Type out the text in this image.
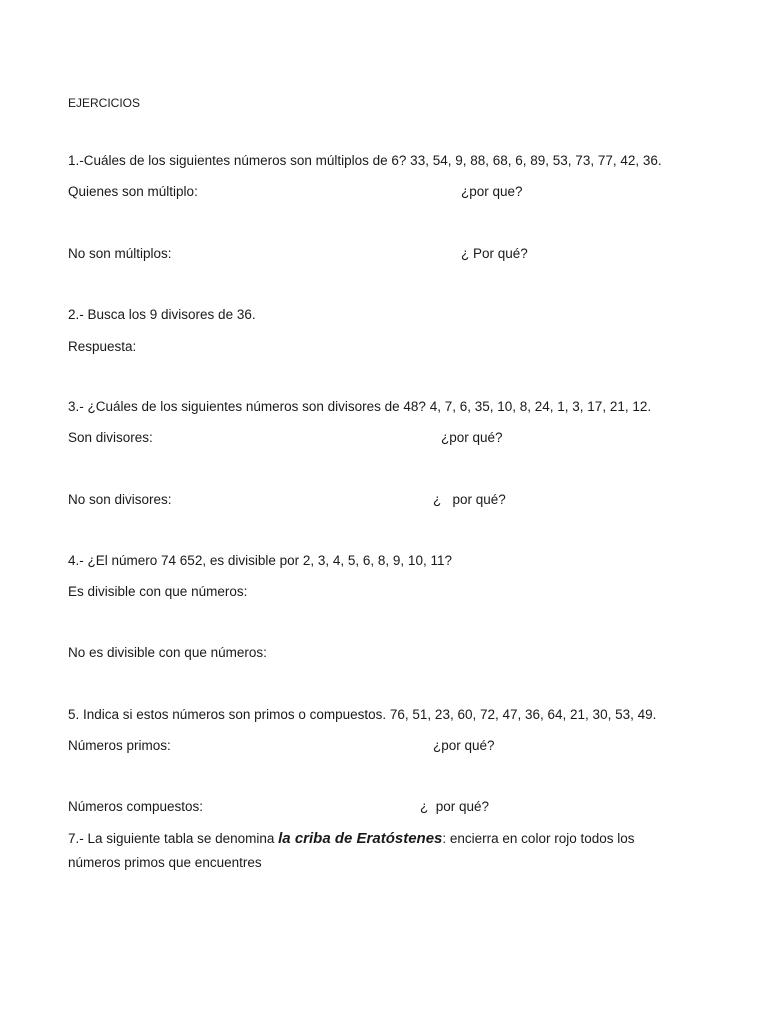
EJERCICIOS
1.-Cuáles de los siguientes números son múltiplos de 6? 33, 54, 9, 88, 68, 6, 89, 53, 73, 77, 42, 36.
Quienes son múltiplo:	¿por que?
No son múltiplos:	¿ Por qué?
2.- Busca los 9 divisores de 36.
Respuesta:
3.- ¿Cuáles de los siguientes números son divisores de 48? 4, 7, 6, 35, 10, 8, 24, 1, 3, 17, 21, 12.
Son divisores:	¿por qué?
No son divisores:	¿   por qué?
4.- ¿El número 74 652, es divisible por 2, 3, 4, 5, 6, 8, 9, 10, 11?
Es divisible con que números:
No es divisible con que números:
5. Indica si estos números son primos o compuestos. 76, 51, 23, 60, 72, 47, 36, 64, 21, 30, 53, 49.
Números primos:	¿por qué?
Números compuestos:	¿  por qué?
7.- La siguiente tabla se denomina la criba de Eratóstenes: encierra en color rojo todos los
números primos que encuentres
